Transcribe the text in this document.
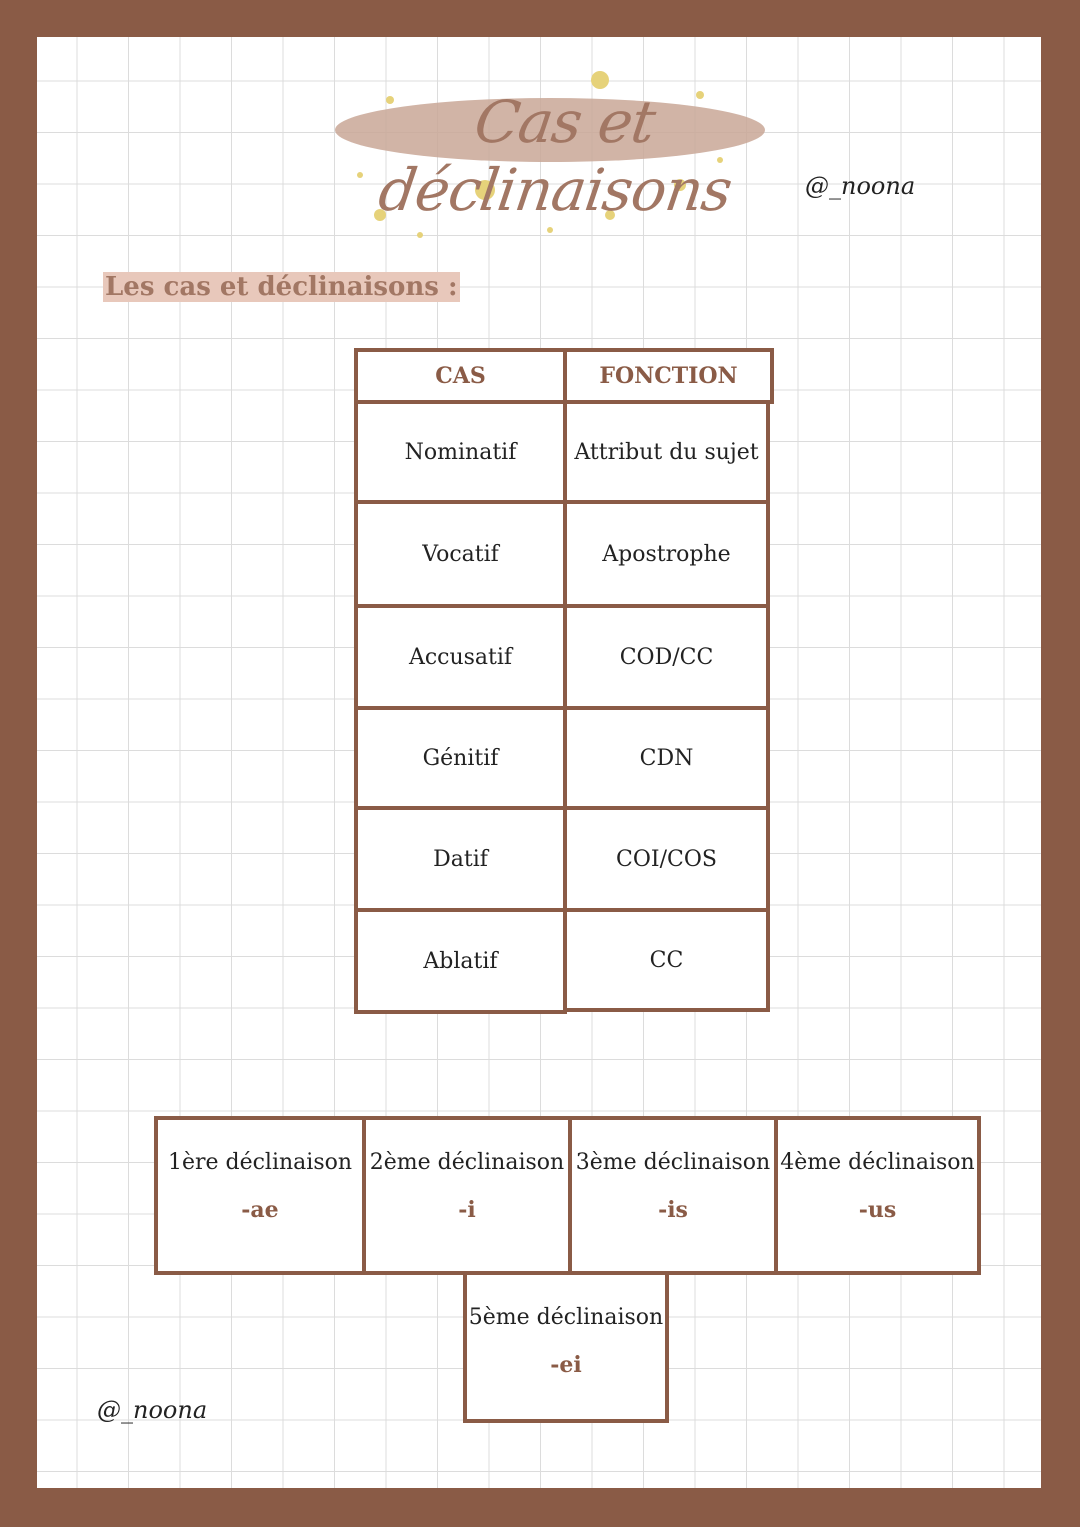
Cas et déclinaisons	@_noona
@_noona
Les cas et déclinaisons :
CAS	FONCTION
Nominatif	Attribut du sujet
Vocatif	Apostrophe
Accusatif	COD/CC
Génitif	CDN
Datif	COI/COS
Ablatif	CC
1ère déclinaison
-ae
2ème déclinaison
-i
3ème déclinaison
-is
4ème déclinaison
-us
5ème déclinaison
-ei
